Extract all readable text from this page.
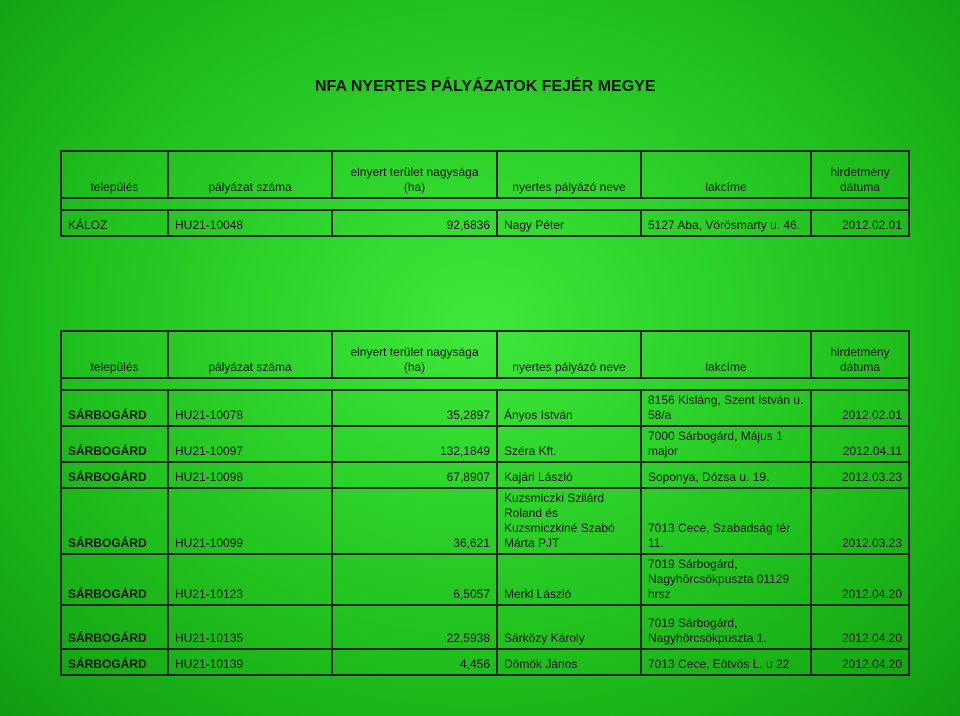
NFA NYERTES PÁLYÁZATOK FEJÉR MEGYE
település	pályázat száma	elnyert terület nagysága (ha)	nyertes pályázó neve	lakcíme	hirdetmény dátuma

KÁLOZ	HU21-10048	92,6836	Nagy Péter	5127 Aba, Vörösmarty u. 46.	2012.02.01
település	pályázat száma	elnyert terület nagysága (ha)	nyertes pályázó neve	lakcíme	hirdetmény dátuma

SÁRBOGÁRD	HU21-10078	35,2897	Ányos István	8156 Kisláng, Szent István u. 58/a	2012.02.01
SÁRBOGÁRD	HU21-10097	132,1849	Széra Kft.	7000 Sárbogárd, Május 1 major	2012.04.11
SÁRBOGÁRD	HU21-10098	67,8907	Kajári László	Soponya, Dózsa u. 19.	2012.03.23
SÁRBOGÁRD	HU21-10099	36,621	Kuzsmiczki Szilárd Roland és Kuzsmiczkiné Szabó Márta PJT	7013 Cece, Szabadság tér 11.	2012.03.23
SÁRBOGÁRD	HU21-10123	6,5057	Merkl László	7019 Sárbogárd, Nagyhörcsökpuszta 01129 hrsz	2012.04.20
SÁRBOGÁRD	HU21-10135	22,5938	Sárközy Károly	7019 Sárbogárd, Nagyhörcsökpuszta 1.	2012.04.20
SÁRBOGÁRD	HU21-10139	4,456	Dömök János	7013 Cece, Eötvös L. u 22	2012.04.20
